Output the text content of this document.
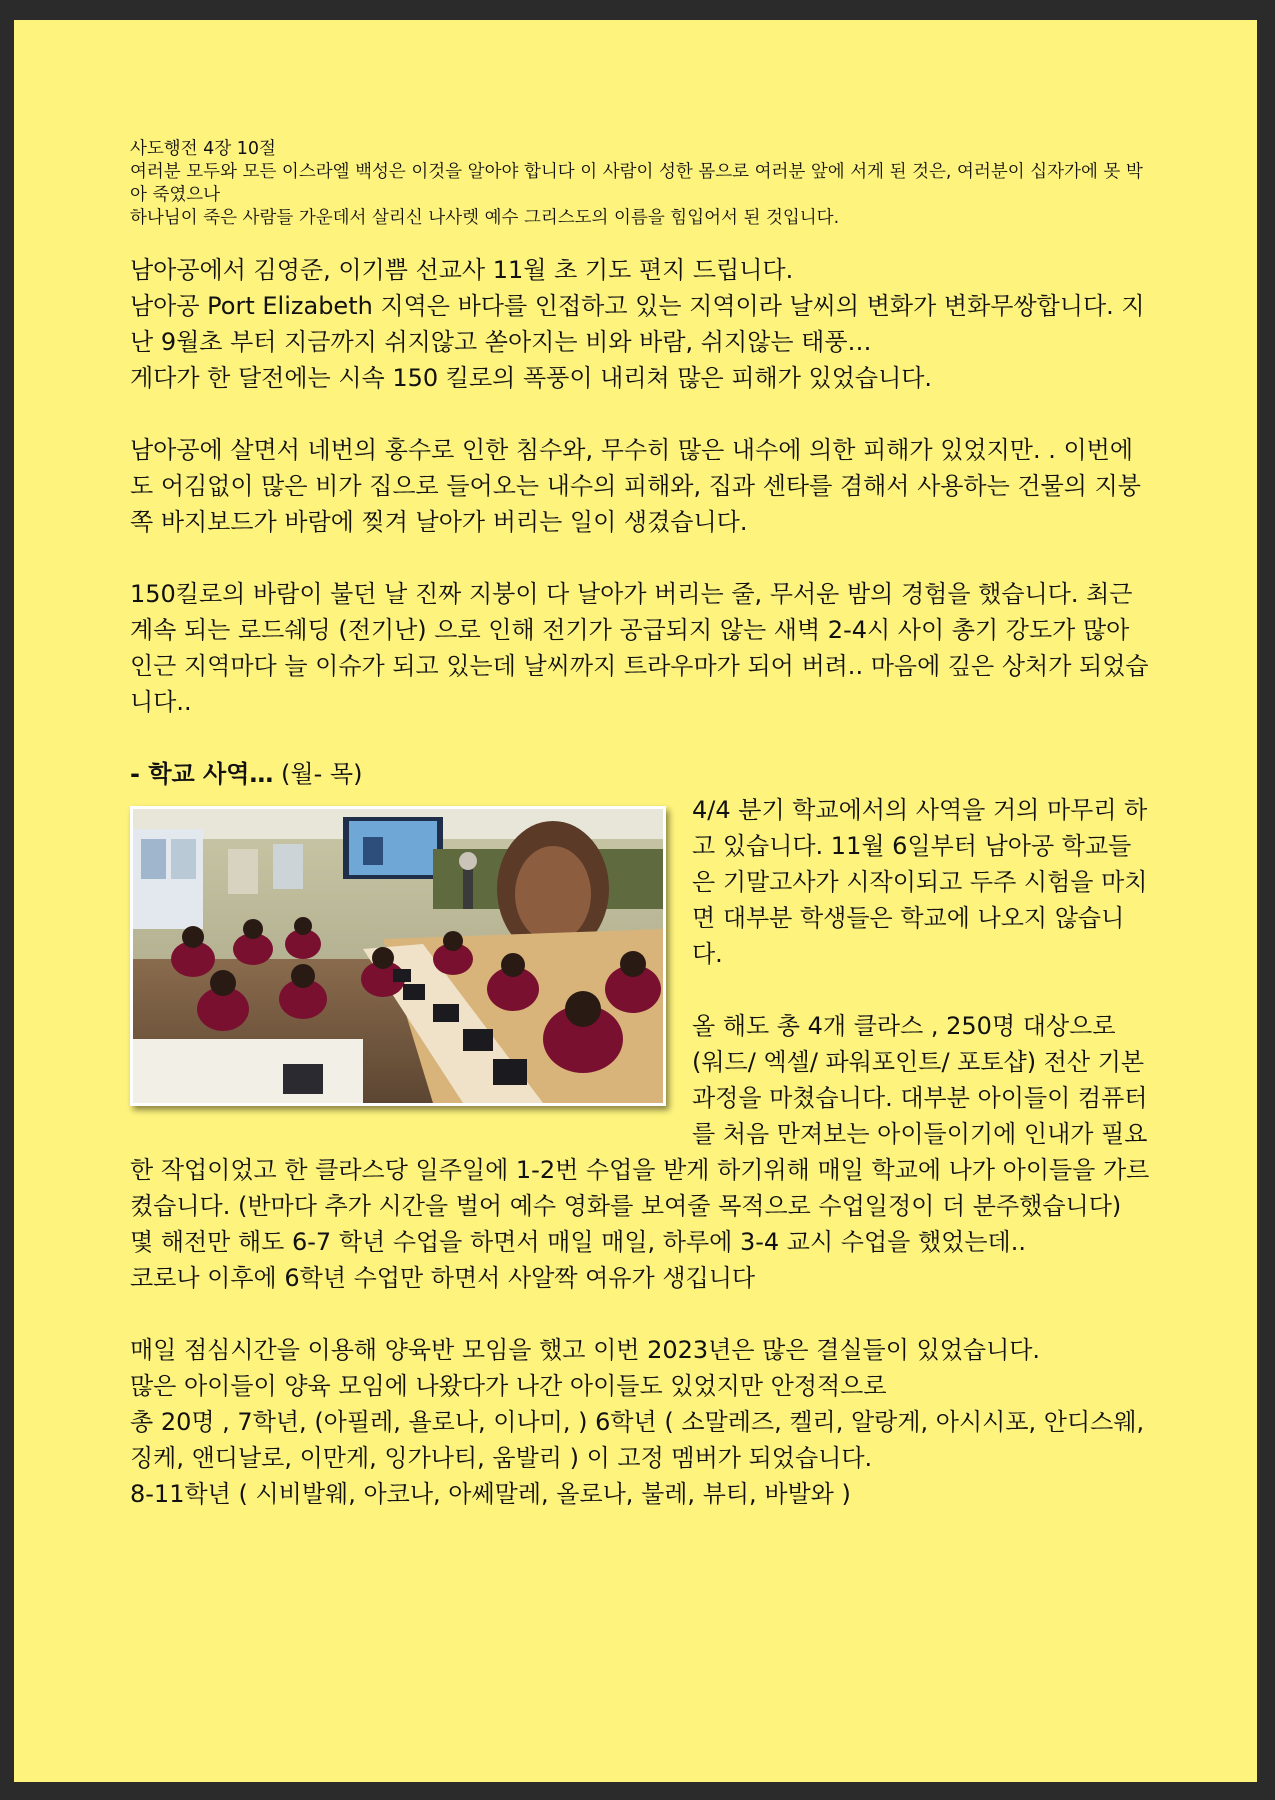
사도행전 4장 10절

여러분 모두와 모든 이스라엘 백성은 이것을 알아야 합니다 이 사람이 성한 몸으로 여러분 앞에 서게 된 것은, 여러분이 십자가에 못 박아 죽였으나

하나님이 죽은 사람들 가운데서 살리신 나사렛 예수 그리스도의 이름을 힘입어서 된 것입니다.

남아공에서 김영준, 이기쁨 선교사 11월 초 기도 편지 드립니다.

남아공 Port Elizabeth 지역은 바다를 인접하고 있는 지역이라 날씨의 변화가 변화무쌍합니다. 지난 9월초 부터 지금까지 쉬지않고 쏟아지는 비와 바람, 쉬지않는 태풍…

게다가 한 달전에는 시속 150 킬로의 폭풍이 내리쳐 많은 피해가 있었습니다.

남아공에 살면서 네번의 홍수로 인한 침수와, 무수히 많은 내수에 의한 피해가 있었지만. . 이번에도 어김없이 많은 비가 집으로 들어오는 내수의 피해와, 집과 센타를 겸해서 사용하는 건물의 지붕쪽 바지보드가 바람에 찢겨 날아가 버리는 일이 생겼습니다.

150킬로의 바람이 불던 날 진짜 지붕이 다 날아가 버리는 줄, 무서운 밤의 경험을 했습니다. 최근 계속 되는 로드쉐딩 (전기난) 으로 인해 전기가 공급되지 않는 새벽 2-4시 사이 총기 강도가 많아 인근 지역마다 늘 이슈가 되고 있는데 날씨까지 트라우마가 되어 버려.. 마음에 깊은 상처가 되었습니다..

- 학교 사역… (월- 목)

4/4 분기 학교에서의 사역을 거의 마무리 하고 있습니다. 11월 6일부터 남아공 학교들은 기말고사가 시작이되고 두주 시험을 마치면 대부분 학생들은 학교에 나오지 않습니다.

올 해도 총 4개 클라스 , 250명 대상으로 (워드/ 엑셀/ 파워포인트/ 포토샵) 전산 기본 과정을 마쳤습니다. 대부분 아이들이 컴퓨터를 처음 만져보는 아이들이기에 인내가 필요한 작업이었고 한 클라스당 일주일에 1-2번 수업을 받게 하기위해 매일 학교에 나가 아이들을 가르켰습니다. (반마다 추가 시간을 벌어 예수 영화를 보여줄 목적으로 수업일정이 더 분주했습니다)

몇 해전만 해도 6-7 학년 수업을 하면서 매일 매일, 하루에 3-4 교시 수업을 했었는데..

코로나 이후에 6학년 수업만 하면서 사알짝 여유가 생깁니다

매일 점심시간을 이용해 양육반 모임을 했고 이번 2023년은 많은 결실들이 있었습니다.

많은 아이들이 양육 모임에 나왔다가 나간 아이들도 있었지만 안정적으로

총 20명 , 7학년, (아필레, 욜로나, 이나미, ) 6학년 ( 소말레즈, 켈리, 알랑게, 아시시포, 안디스웨, 징케, 앤디날로, 이만게, 잉가나티, 움발리 ) 이 고정 멤버가 되었습니다.

8-11학년 ( 시비발웨, 아코나, 아쎄말레, 올로나, 불레, 뷰티, 바발와 )
